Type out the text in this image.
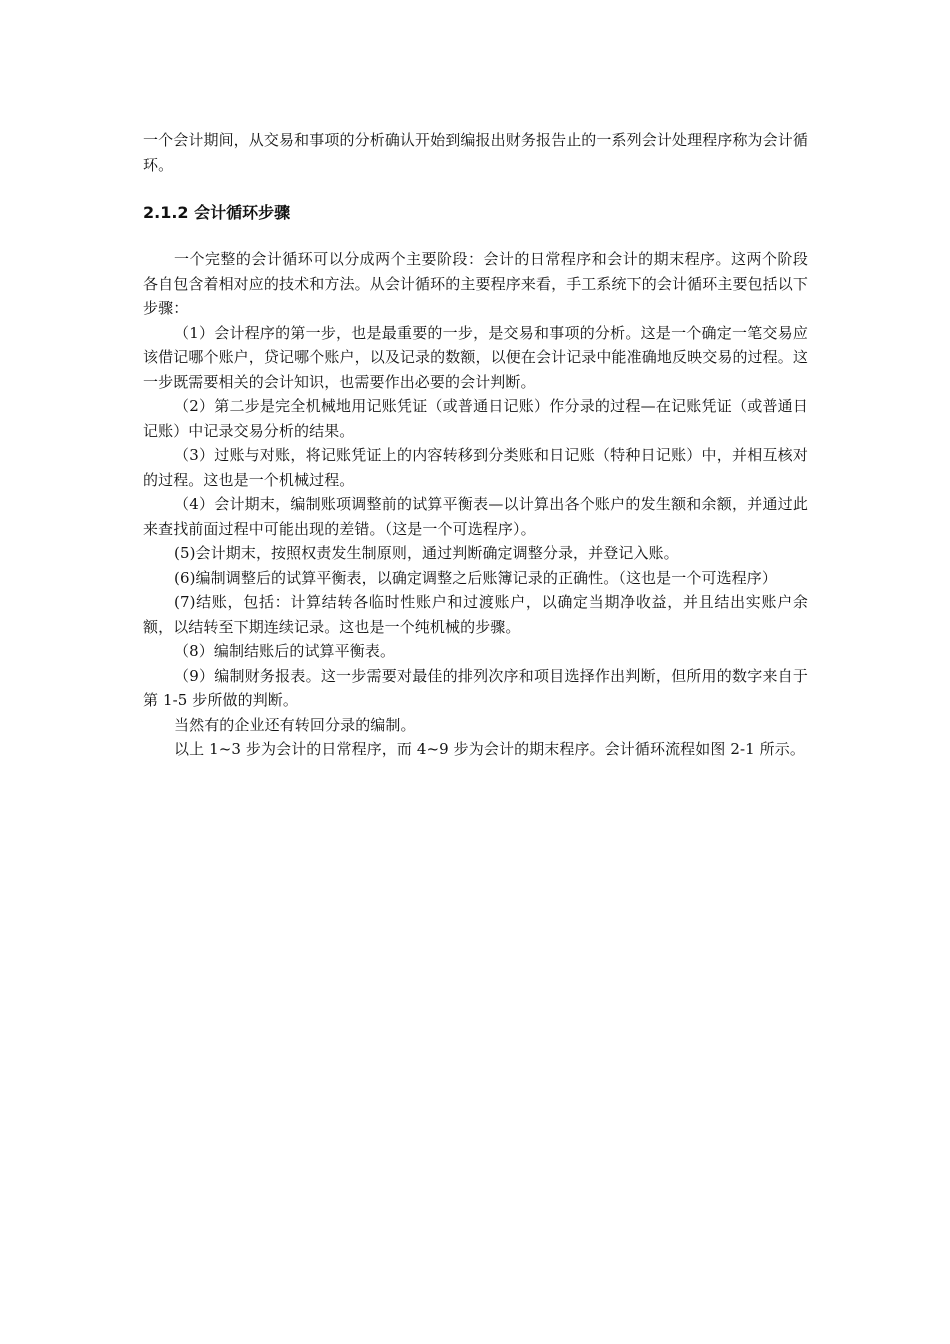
一个会计期间，从交易和事项的分析确认开始到编报出财务报告止的一系列会计处理程序称为会计循环。

2.1.2 会计循环步骤

一个完整的会计循环可以分成两个主要阶段：会计的日常程序和会计的期末程序。这两个阶段各自包含着相对应的技术和方法。从会计循环的主要程序来看，手工系统下的会计循环主要包括以下步骤：

（1）会计程序的第一步，也是最重要的一步，是交易和事项的分析。这是一个确定一笔交易应该借记哪个账户，贷记哪个账户，以及记录的数额，以便在会计记录中能准确地反映交易的过程。这一步既需要相关的会计知识，也需要作出必要的会计判断。

（2）第二步是完全机械地用记账凭证（或普通日记账）作分录的过程—在记账凭证（或普通日记账）中记录交易分析的结果。

（3）过账与对账，将记账凭证上的内容转移到分类账和日记账（特种日记账）中，并相互核对的过程。这也是一个机械过程。

（4）会计期末，编制账项调整前的试算平衡表—以计算出各个账户的发生额和余额，并通过此来查找前面过程中可能出现的差错。（这是一个可选程序）。

(5)会计期末，按照权责发生制原则，通过判断确定调整分录，并登记入账。

(6)编制调整后的试算平衡表，以确定调整之后账簿记录的正确性。（这也是一个可选程序）

(7)结账，包括：计算结转各临时性账户和过渡账户，以确定当期净收益，并且结出实账户余额，以结转至下期连续记录。这也是一个纯机械的步骤。

（8）编制结账后的试算平衡表。

（9）编制财务报表。这一步需要对最佳的排列次序和项目选择作出判断，但所用的数字来自于第 1-5 步所做的判断。

当然有的企业还有转回分录的编制。

以上 1~3 步为会计的日常程序，而 4~9 步为会计的期末程序。会计循环流程如图 2-1 所示。
